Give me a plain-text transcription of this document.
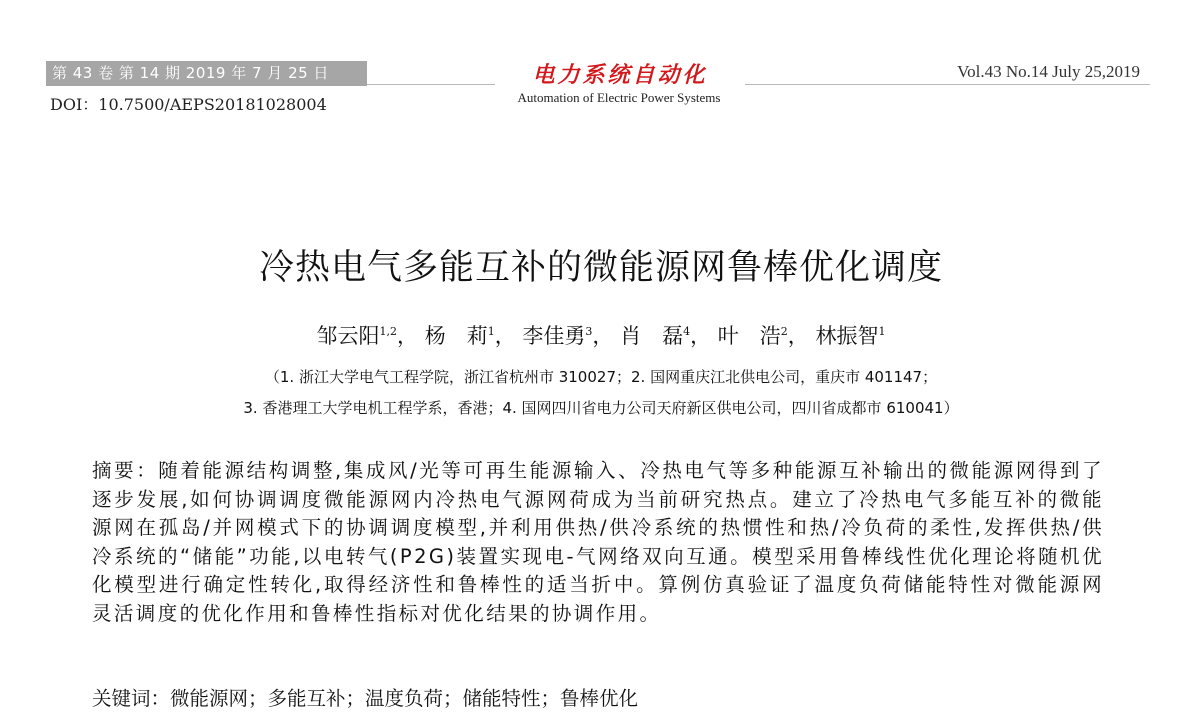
第 43 卷 第 14 期 2019 年 7 月 25 日
DOI：10.7500/AEPS20181028004
电力系统自动化
Automation of Electric Power Systems
Vol.43 No.14 July 25,2019
冷热电气多能互补的微能源网鲁棒优化调度
邹云阳$^{1,2}$， 杨　莉$^1$， 李佳勇$^3$， 肖　磊$^4$， 叶　浩$^2$， 林振智$^1$
（1. 浙江大学电气工程学院，浙江省杭州市 310027；2. 国网重庆江北供电公司，重庆市 401147；
3. 香港理工大学电机工程学系，香港；4. 国网四川省电力公司天府新区供电公司，四川省成都市 610041）
摘要：随着能源结构调整,集成风/光等可再生能源输入、冷热电气等多种能源互补输出的微能源网得到了逐步发展,如何协调调度微能源网内冷热电气源网荷成为当前研究热点。建立了冷热电气多能互补的微能源网在孤岛/并网模式下的协调调度模型,并利用供热/供冷系统的热惯性和热/冷负荷的柔性,发挥供热/供冷系统的“储能”功能,以电转气(P2G)装置实现电-气网络双向互通。模型采用鲁棒线性优化理论将随机优化模型进行确定性转化,取得经济性和鲁棒性的适当折中。算例仿真验证了温度负荷储能特性对微能源网灵活调度的优化作用和鲁棒性指标对优化结果的协调作用。
关键词：微能源网；多能互补；温度负荷；储能特性；鲁棒优化
